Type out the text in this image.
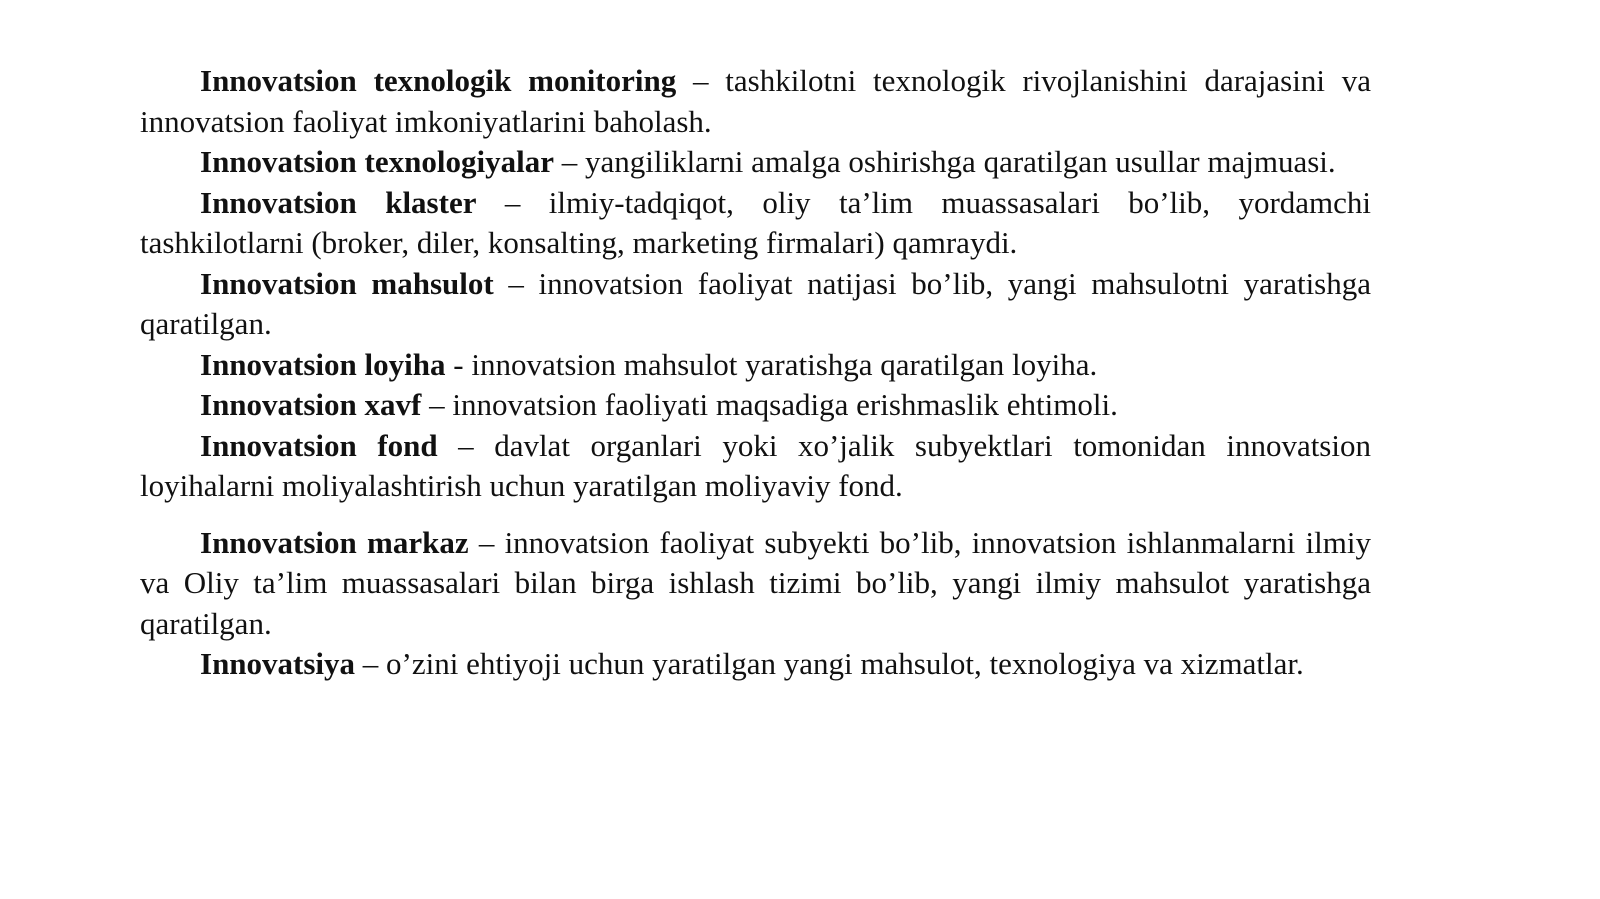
Innovatsion texnologik monitoring – tashkilotni texnologik rivojlanishini darajasini va innovatsion faoliyat imkoniyatlarini baholash.

Innovatsion texnologiyalar – yangiliklarni amalga oshirishga qaratilgan usullar majmuasi.

Innovatsion klaster – ilmiy-tadqiqot, oliy ta’lim muassasalari bo’lib, yordamchi tashkilotlarni (broker, diler, konsalting, marketing firmalari) qamraydi.

Innovatsion mahsulot – innovatsion faoliyat natijasi bo’lib, yangi mahsulotni yaratishga qaratilgan.

Innovatsion loyiha - innovatsion mahsulot yaratishga qaratilgan loyiha.

Innovatsion xavf – innovatsion faoliyati maqsadiga erishmaslik ehtimoli.

Innovatsion fond – davlat organlari yoki xo’jalik subyektlari tomonidan innovatsion loyihalarni moliyalashtirish uchun yaratilgan moliyaviy fond.

Innovatsion markaz – innovatsion faoliyat subyekti bo’lib, innovatsion ishlanmalarni ilmiy va Oliy ta’lim muassasalari bilan birga ishlash tizimi bo’lib, yangi ilmiy mahsulot yaratishga qaratilgan.

Innovatsiya – o’zini ehtiyoji uchun yaratilgan yangi mahsulot, texnologiya va xizmatlar.
